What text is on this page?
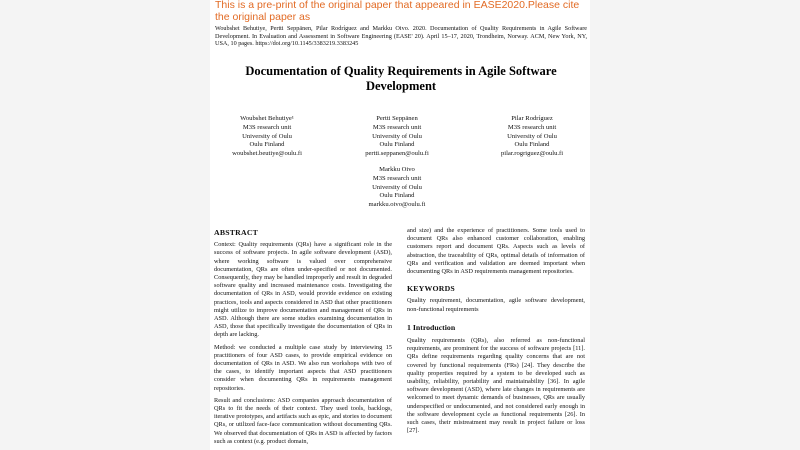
This is a pre-print of the original paper that appeared in EASE2020.Please cite the original paper as
Woubshet Behutiye, Pertti Seppänen, Pilar Rodríguez and Markku Oivo. 2020. Documentation of Quality Requirements in Agile Software Development. In Evaluation and Assessment in Software Engineering (EASE' 20). April 15–17, 2020, Trondheim, Norway. ACM, New York, NY, USA, 10 pages. https://doi.org/10.1145/3383219.3383245
Documentation of Quality Requirements in Agile Software Development
Woubshet Behutiye¹
M3S research unit
University of Oulu
Oulu Finland
woubshet.beutiye@oulu.fi
Pertti Seppänen
M3S research unit
University of Oulu
Oulu Finland
pertti.seppanen@oulu.fi
Pilar Rodríguez
M3S research unit
University of Oulu
Oulu Finland
pilar.rogriguez@oulu.fi
Markku Oivo
M3S research unit
University of Oulu
Oulu Finland
markku.oivo@oulu.fi
ABSTRACT

Context: Quality requirements (QRs) have a significant role in the success of software projects. In agile software development (ASD), where working software is valued over comprehensive documentation, QRs are often under-specified or not documented. Consequently, they may be handled improperly and result in degraded software quality and increased maintenance costs. Investigating the documentation of QRs in ASD, would provide evidence on existing practices, tools and aspects considered in ASD that other practitioners might utilize to improve documentation and management of QRs in ASD. Although there are some studies examining documentation in ASD, those that specifically investigate the documentation of QRs in depth are lacking.

Method: we conducted a multiple case study by interviewing 15 practitioners of four ASD cases, to provide empirical evidence on documentation of QRs in ASD. We also run workshops with two of the cases, to identify important aspects that ASD practitioners consider when documenting QRs in requirements management repositories.

Result and conclusions: ASD companies approach documentation of QRs to fit the needs of their context. They used tools, backlogs, iterative prototypes, and artifacts such as epic, and stories to document QRs, or utilized face-face communication without documenting QRs. We observed that documentation of QRs in ASD is affected by factors such as context (e.g. product domain,

and size) and the experience of practitioners. Some tools used to document QRs also enhanced customer collaboration, enabling customers report and document QRs. Aspects such as levels of abstraction, the traceability of QRs, optimal details of information of QRs and verification and validation are deemed important when documenting QRs in ASD requirements management repositories.

KEYWORDS

Quality requirement, documentation, agile software development, non-functional requirements

1 Introduction

Quality requirements (QRs), also referred as non-functional requirements, are prominent for the success of software projects [11]. QRs define requirements regarding quality concerns that are not covered by functional requirements (FRs) [24]. They describe the quality properties required by a system to be developed such as usability, reliability, portability and maintainability [36]. In agile software development (ASD), where late changes in requirements are welcomed to meet dynamic demands of businesses, QRs are usually underspecified or undocumented, and not considered early enough in the software development cycle as functional requirements [26]. In such cases, their mistreatment may result in project failure or loss [27].
